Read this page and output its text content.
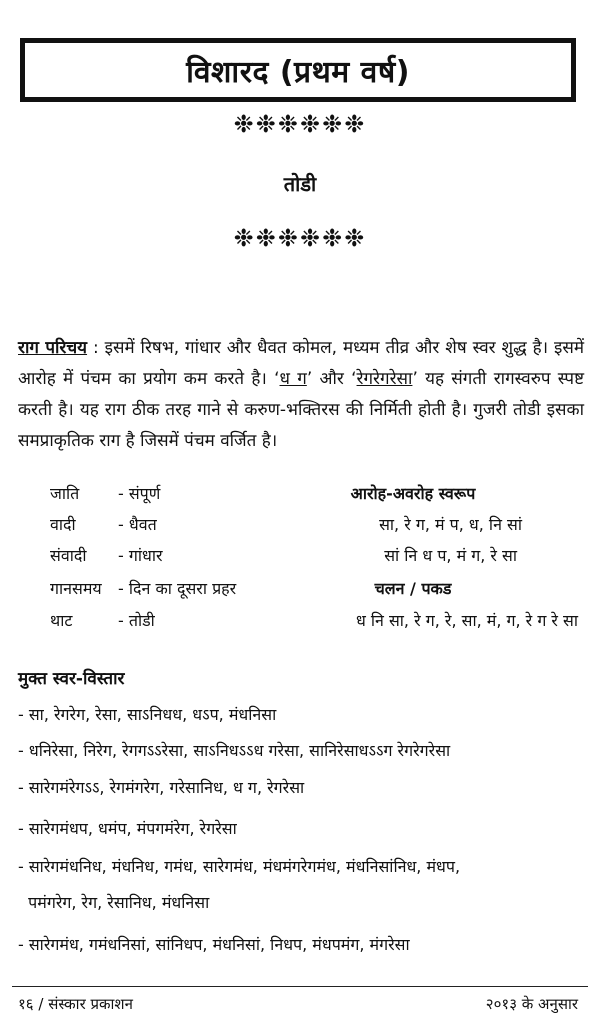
विशारद (प्रथम वर्ष)
❉❉❉❉❉❉
तोडी
❉❉❉❉❉❉
राग परिचय : इसमें रिषभ, गांधार और धैवत कोमल, मध्यम तीव्र और शेष स्वर शुद्ध है। इसमें आरोह में पंचम का प्रयोग कम करते है। ‘ध ग’ और ‘रेगरेगरेसा’ यह संगती रागस्वरुप स्पष्ट करती है। यह राग ठीक तरह गाने से करुण-भक्तिरस की निर्मिती होती है। गुजरी तोडी इसका समप्राकृतिक राग है जिसमें पंचम वर्जित है।
जाति - संपूर्ण	आरोह-अवरोह स्वरूप
वादी	- धैवत	सा, रे ग, मं प, ध, नि सां
संवादी - गांधार	सां नि ध प, मं ग, रे सा
गानसमय - दिन का दूसरा प्रहर	चलन / पकड
थाट	- तोडी	ध नि सा, रे ग, रे, सा, मं, ग, रे ग रे सा
मुक्त स्वर-विस्तार
- सा, रेगरेग, रेसा, साऽनिधध, धऽप, मंधनिसा
- धनिरेसा, निरेग, रेगगऽऽरेसा, साऽनिधऽऽध गरेसा, सानिरेसाधऽऽग रेगरेगरेसा
- सारेगमंरेगऽऽ, रेगमंगरेग, गरेसानिध, ध ग, रेगरेसा
- सारेगमंधप, धमंप, मंपगमंरेग, रेगरेसा
- सारेगमंधनिध, मंधनिध, गमंध, सारेगमंध, मंधमंगरेगमंध, मंधनिसांनिध, मंधप,
पमंगरेग, रेग, रेसानिध, मंधनिसा
- सारेगमंध, गमंधनिसां, सांनिधप, मंधनिसां, निधप, मंधपमंग, मंगरेसा
१६ / संस्कार प्रकाशन	२०१३ के अनुसार
